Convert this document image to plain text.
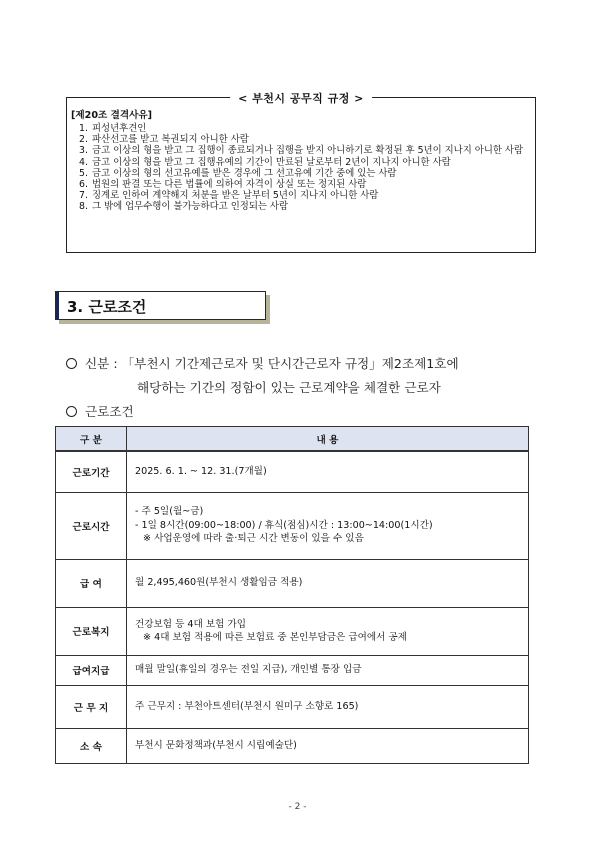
< 부천시 공무직 규정 >
[제20조 결격사유]
1. 피성년후견인
2. 파산선고를 받고 복권되지 아니한 사람
3. 금고 이상의 형을 받고 그 집행이 종료되거나 집행을 받지 아니하기로 확정된 후 5년이 지나지 아니한 사람
4. 금고 이상의 형을 받고 그 집행유예의 기간이 만료된 날로부터 2년이 지나지 아니한 사람
5. 금고 이상의 형의 선고유예를 받은 경우에 그 선고유예 기간 중에 있는 사람
6. 법원의 판결 또는 다른 법률에 의하여 자격이 상실 또는 정지된 사람
7. 징계로 인하여 계약해지 처분을 받은 날부터 5년이 지나지 아니한 사람
8. 그 밖에 업무수행이 불가능하다고 인정되는 사람
3. 근로조건
신분 : 「부천시 기간제근로자 및 단시간근로자 규정」제2조제1호에
해당하는 기간의 정함이 있는 근로계약을 체결한 근로자
근로조건
구 분	내 용
근로기간	2025. 6. 1. ~ 12. 31.(7개월)

근로시간	- 주 5일(월~금)
- 1일 8시간(09:00~18:00) / 휴식(점심)시간 : 13:00~14:00(1시간)
※ 사업운영에 따라 출·퇴근 시간 변동이 있을 수 있음

급 여	월 2,495,460원(부천시 생활임금 적용)

근로복지	건강보험 등 4대 보험 가입
※ 4대 보험 적용에 따른 보험료 중 본인부담금은 급여에서 공제

급여지급	매월 말일(휴일의 경우는 전일 지급), 개인별 통장 입금

근 무 지	주 근무지 : 부천아트센터(부천시 원미구 소향로 165)

소 속	부천시 문화정책과(부천시 시립예술단)
- 2 -
